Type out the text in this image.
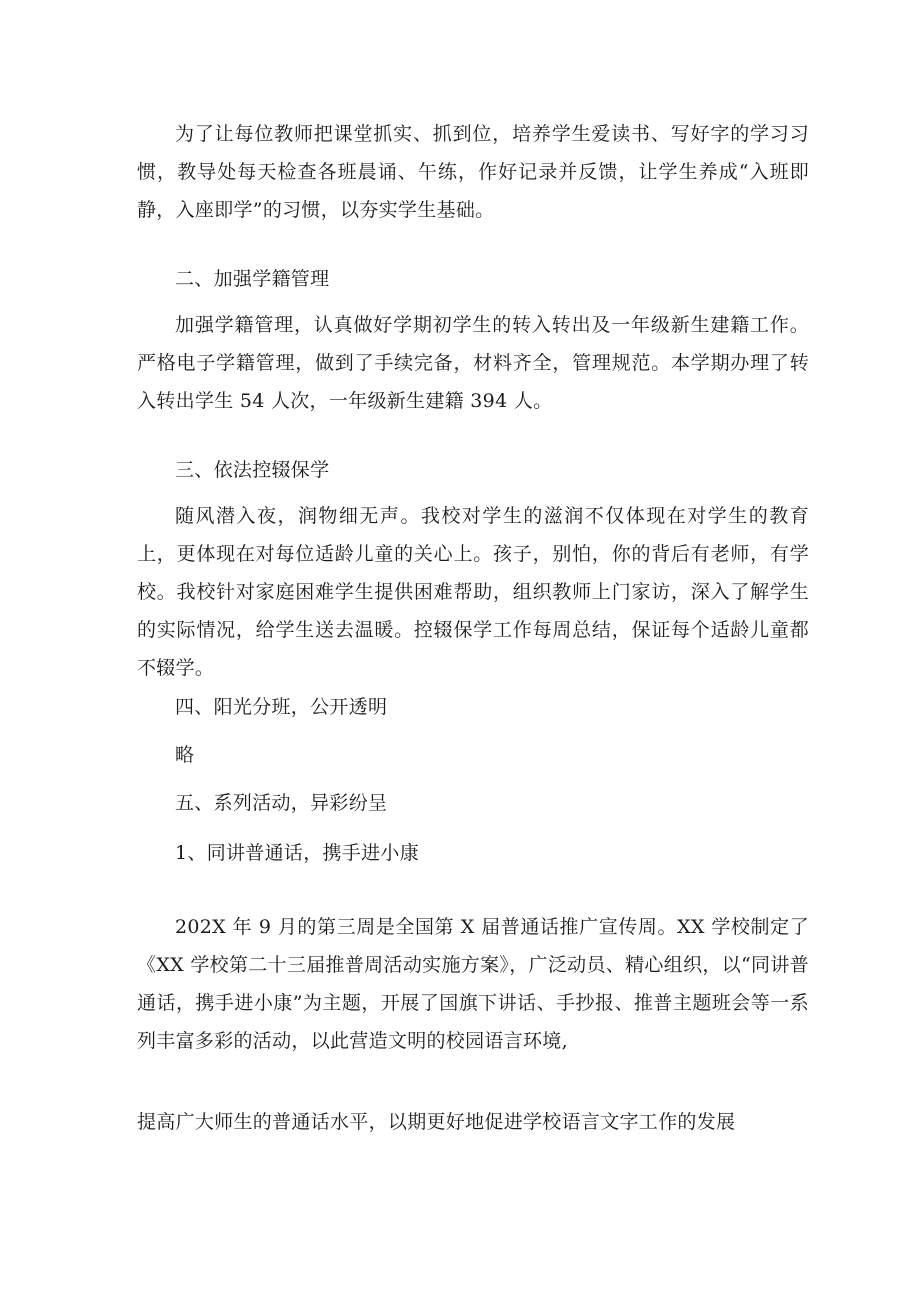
为了让每位教师把课堂抓实、抓到位，培养学生爱读书、写好字的学习习惯，教导处每天检查各班晨诵、午练，作好记录并反馈，让学生养成“入班即静，入座即学”的习惯，以夯实学生基础。

二、加强学籍管理

加强学籍管理，认真做好学期初学生的转入转出及一年级新生建籍工作。严格电子学籍管理，做到了手续完备，材料齐全，管理规范。本学期办理了转入转出学生 54 人次，一年级新生建籍 394 人。

三、依法控辍保学

随风潜入夜，润物细无声。我校对学生的滋润不仅体现在对学生的教育上，更体现在对每位适龄儿童的关心上。孩子，别怕，你的背后有老师，有学校。我校针对家庭困难学生提供困难帮助，组织教师上门家访，深入了解学生的实际情况，给学生送去温暖。控辍保学工作每周总结，保证每个适龄儿童都不辍学。

四、阳光分班，公开透明

略

五、系列活动，异彩纷呈

1、同讲普通话，携手进小康

202X 年 9 月的第三周是全国第 X 届普通话推广宣传周。XX 学校制定了《XX 学校第二十三届推普周活动实施方案》，广泛动员、精心组织，以“同讲普通话，携手进小康”为主题，开展了国旗下讲话、手抄报、推普主题班会等一系列丰富多彩的活动，以此营造文明的校园语言环境,

提高广大师生的普通话水平，以期更好地促进学校语言文字工作的发展
